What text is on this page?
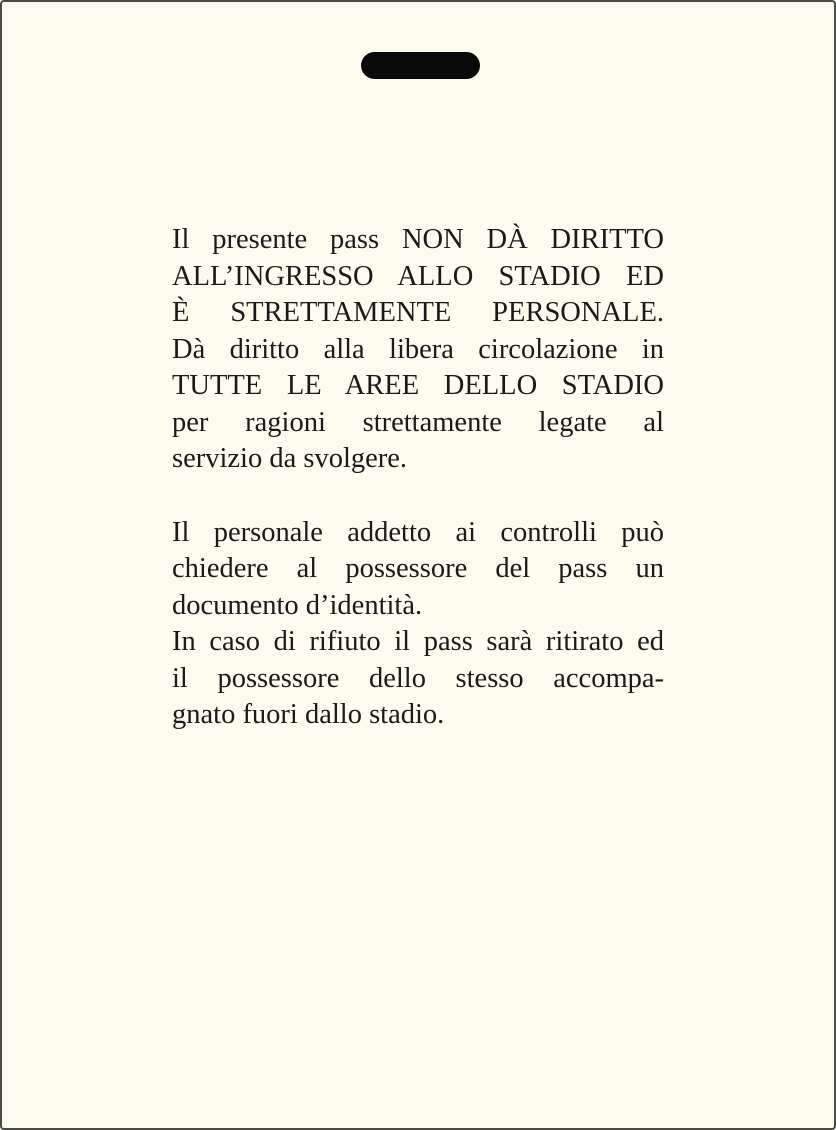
Il presente pass NON DÀ DIRITTO
ALL’INGRESSO ALLO STADIO ED
È STRETTAMENTE PERSONALE.
Dà diritto alla libera circolazione in
TUTTE LE AREE DELLO STADIO
per ragioni strettamente legate al
servizio da svolgere.

Il personale addetto ai controlli può
chiedere al possessore del pass un
documento d’identità.
In caso di rifiuto il pass sarà ritirato ed
il possessore dello stesso accompa-
gnato fuori dallo stadio.
